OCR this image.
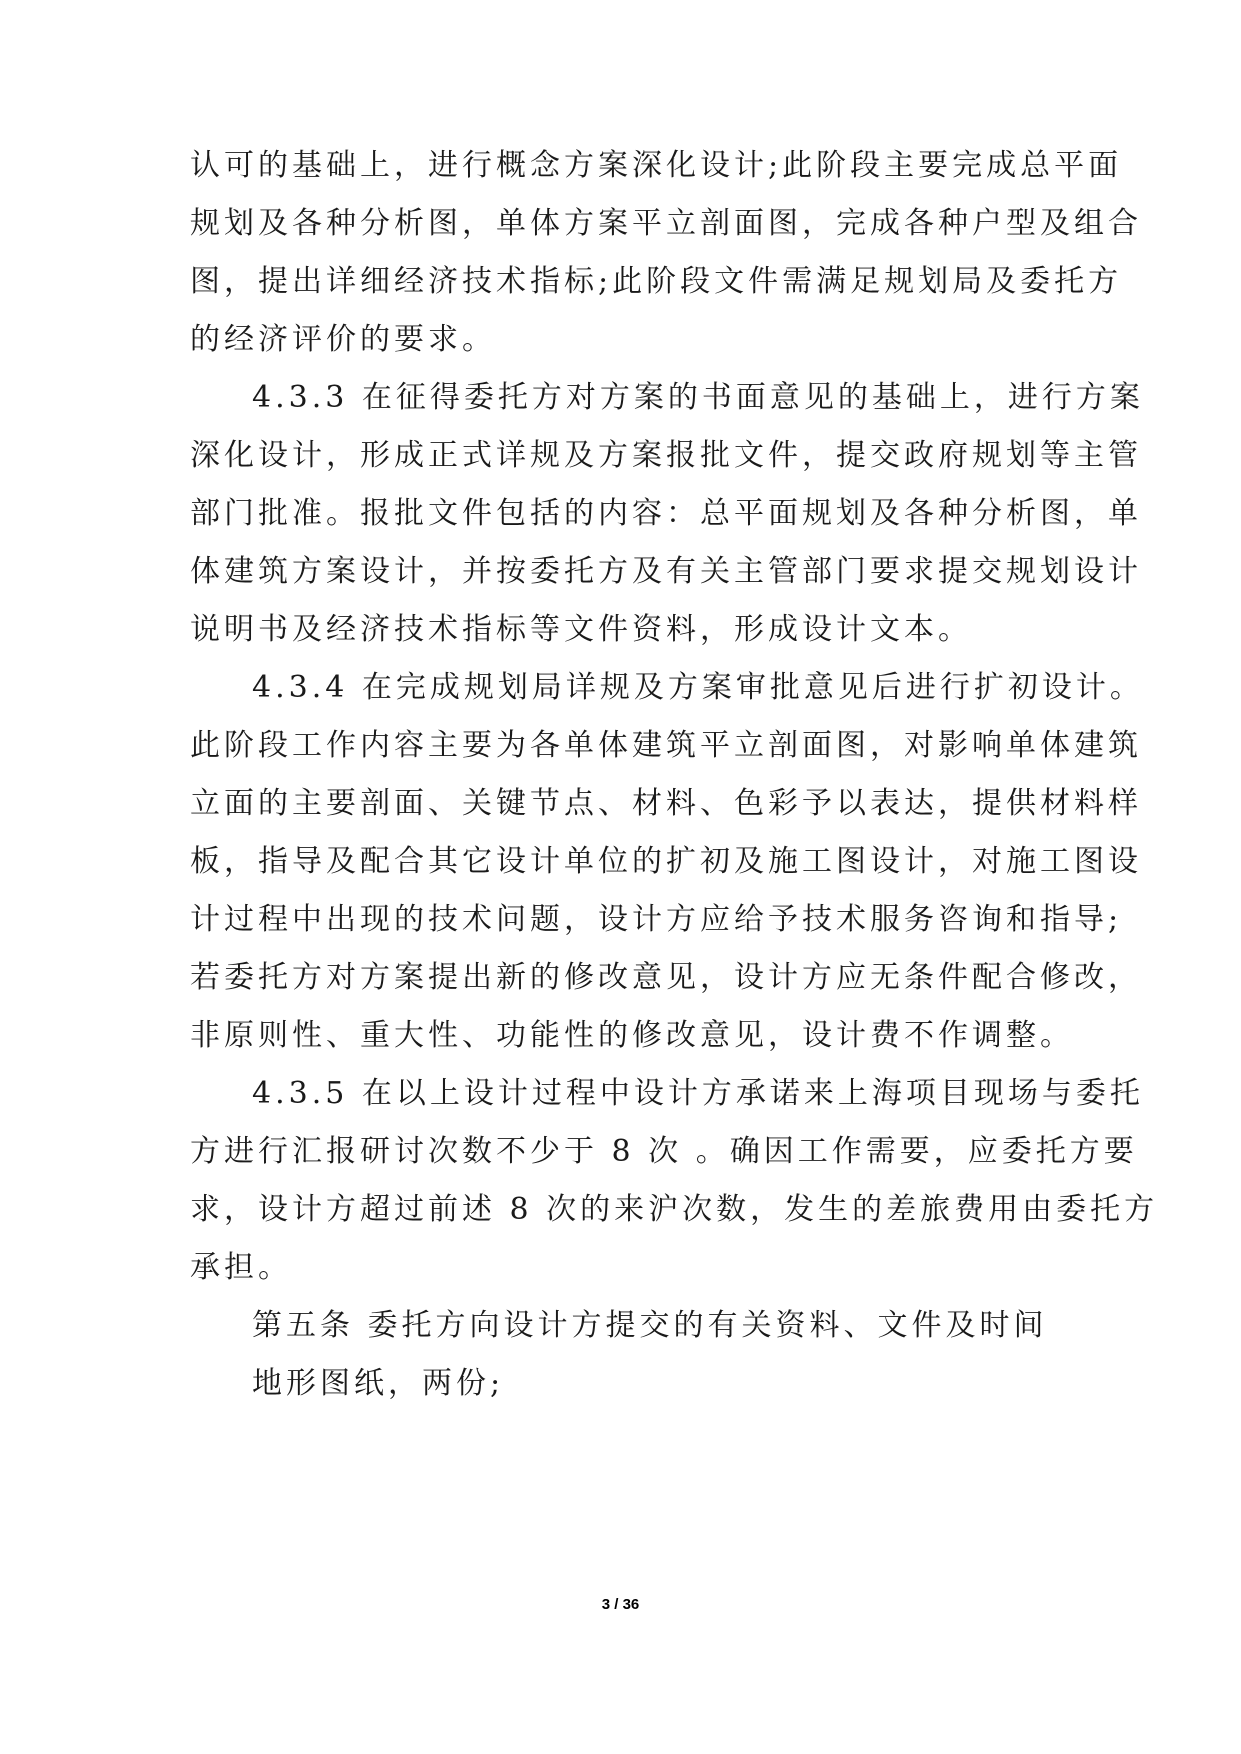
认可的基础上，进行概念方案深化设计;此阶段主要完成总平面
规划及各种分析图，单体方案平立剖面图，完成各种户型及组合
图，提出详细经济技术指标;此阶段文件需满足规划局及委托方
的经济评价的要求。
4.3.3 在征得委托方对方案的书面意见的基础上，进行方案
深化设计，形成正式详规及方案报批文件，提交政府规划等主管
部门批准。报批文件包括的内容：总平面规划及各种分析图，单
体建筑方案设计，并按委托方及有关主管部门要求提交规划设计
说明书及经济技术指标等文件资料，形成设计文本。
4.3.4 在完成规划局详规及方案审批意见后进行扩初设计。
此阶段工作内容主要为各单体建筑平立剖面图，对影响单体建筑
立面的主要剖面、关键节点、材料、色彩予以表达，提供材料样
板，指导及配合其它设计单位的扩初及施工图设计，对施工图设
计过程中出现的技术问题，设计方应给予技术服务咨询和指导;
若委托方对方案提出新的修改意见，设计方应无条件配合修改，
非原则性、重大性、功能性的修改意见，设计费不作调整。
4.3.5 在以上设计过程中设计方承诺来上海项目现场与委托
方进行汇报研讨次数不少于 8 次 。确因工作需要，应委托方要
求，设计方超过前述 8 次的来沪次数，发生的差旅费用由委托方
承担。
第五条 委托方向设计方提交的有关资料、文件及时间
地形图纸，两份;
3 / 36
